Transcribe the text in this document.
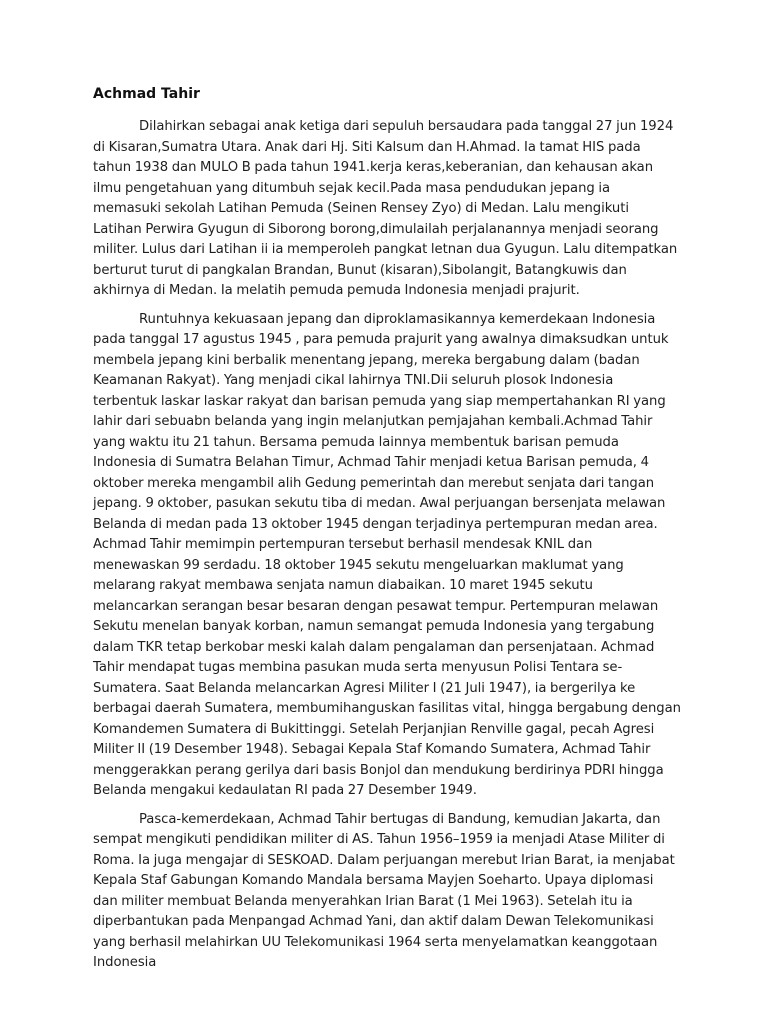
Achmad Tahir

Dilahirkan sebagai anak ketiga dari sepuluh bersaudara pada tanggal 27 jun 1924 di Kisaran,Sumatra Utara. Anak dari Hj. Siti Kalsum dan H.Ahmad. Ia tamat HIS pada tahun 1938 dan MULO B pada tahun 1941.kerja keras,keberanian, dan kehausan akan ilmu pengetahuan yang ditumbuh sejak kecil.Pada masa pendudukan jepang ia memasuki sekolah Latihan Pemuda (Seinen Rensey Zyo) di Medan. Lalu mengikuti Latihan Perwira Gyugun di Siborong borong,dimulailah perjalanannya menjadi seorang militer. Lulus dari Latihan ii ia memperoleh pangkat letnan dua Gyugun. Lalu ditempatkan berturut turut di pangkalan Brandan, Bunut (kisaran),Sibolangit, Batangkuwis dan akhirnya di Medan. Ia melatih pemuda pemuda Indonesia menjadi prajurit.

Runtuhnya kekuasaan jepang dan diproklamasikannya kemerdekaan Indonesia pada tanggal 17 agustus 1945 , para pemuda prajurit yang awalnya dimaksudkan untuk membela jepang kini berbalik menentang jepang, mereka bergabung dalam (badan Keamanan Rakyat). Yang menjadi cikal lahirnya TNI.Dii seluruh plosok Indonesia terbentuk laskar laskar rakyat dan barisan pemuda yang siap mempertahankan RI yang lahir dari sebuabn belanda yang ingin melanjutkan pemjajahan kembali.Achmad Tahir yang waktu itu 21 tahun. Bersama pemuda lainnya membentuk barisan pemuda Indonesia di Sumatra Belahan Timur, Achmad Tahir menjadi ketua Barisan pemuda, 4 oktober mereka mengambil alih Gedung pemerintah dan merebut senjata dari tangan jepang. 9 oktober, pasukan sekutu tiba di medan. Awal perjuangan bersenjata melawan Belanda di medan pada 13 oktober 1945 dengan terjadinya pertempuran medan area. Achmad Tahir memimpin pertempuran tersebut berhasil mendesak KNIL dan menewaskan 99 serdadu. 18 oktober 1945 sekutu mengeluarkan maklumat yang melarang rakyat membawa senjata namun diabaikan. 10 maret 1945 sekutu melancarkan serangan besar besaran dengan pesawat tempur. Pertempuran melawan Sekutu menelan banyak korban, namun semangat pemuda Indonesia yang tergabung dalam TKR tetap berkobar meski kalah dalam pengalaman dan persenjataan. Achmad Tahir mendapat tugas membina pasukan muda serta menyusun Polisi Tentara se-Sumatera. Saat Belanda melancarkan Agresi Militer I (21 Juli 1947), ia bergerilya ke berbagai daerah Sumatera, membumihanguskan fasilitas vital, hingga bergabung dengan Komandemen Sumatera di Bukittinggi. Setelah Perjanjian Renville gagal, pecah Agresi Militer II (19 Desember 1948). Sebagai Kepala Staf Komando Sumatera, Achmad Tahir menggerakkan perang gerilya dari basis Bonjol dan mendukung berdirinya PDRI hingga Belanda mengakui kedaulatan RI pada 27 Desember 1949.

Pasca-kemerdekaan, Achmad Tahir bertugas di Bandung, kemudian Jakarta, dan sempat mengikuti pendidikan militer di AS. Tahun 1956–1959 ia menjadi Atase Militer di Roma. Ia juga mengajar di SESKOAD. Dalam perjuangan merebut Irian Barat, ia menjabat Kepala Staf Gabungan Komando Mandala bersama Mayjen Soeharto. Upaya diplomasi dan militer membuat Belanda menyerahkan Irian Barat (1 Mei 1963). Setelah itu ia diperbantukan pada Menpangad Achmad Yani, dan aktif dalam Dewan Telekomunikasi yang berhasil melahirkan UU Telekomunikasi 1964 serta menyelamatkan keanggotaan Indonesia
